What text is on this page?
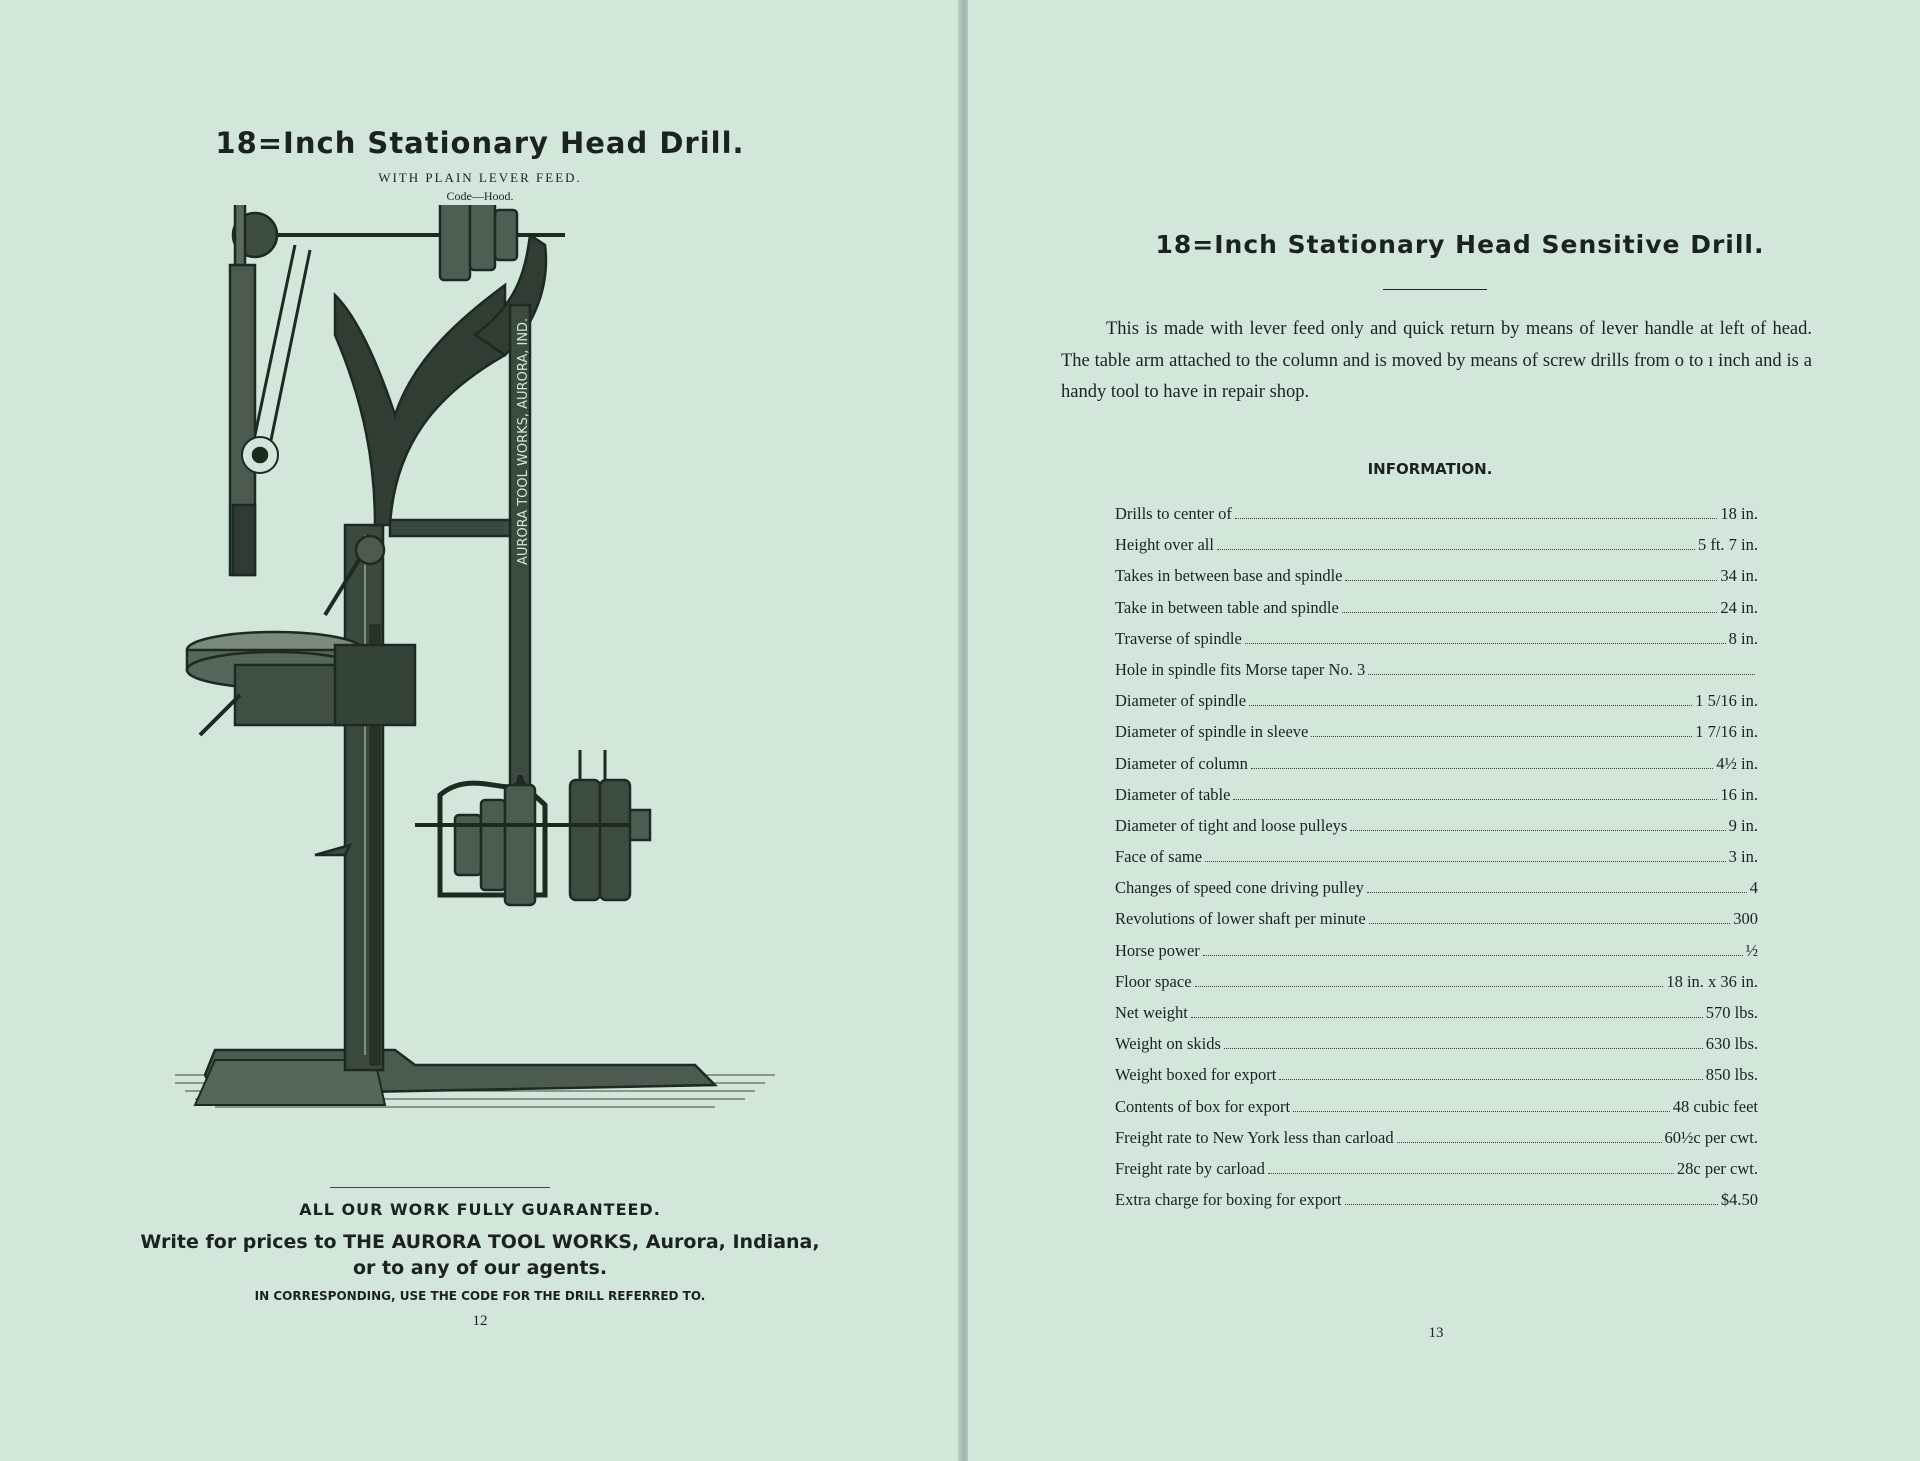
18=Inch Stationary Head Drill.
WITH PLAIN LEVER FEED.
Code—Hood.
AURORA TOOL WORKS, AURORA, IND.
ALL OUR WORK FULLY GUARANTEED.
Write for prices to THE AURORA TOOL WORKS, Aurora, Indiana,
or to any of our agents.
IN CORRESPONDING, USE THE CODE FOR THE DRILL REFERRED TO.
12
18=Inch Stationary Head Sensitive Drill.
This is made with lever feed only and quick return by means of lever handle at left of head. The table arm attached to the column and is moved by means of screw drills from o to ı inch and is a handy tool to have in repair shop.
INFORMATION.
Drills to center of	18 in.
Height over all	5 ft. 7 in.
Takes in between base and spindle	34 in.
Take in between table and spindle	24 in.
Traverse of spindle	8 in.
Hole in spindle fits Morse taper No. 3
Diameter of spindle	1 5/16 in.
Diameter of spindle in sleeve	1 7/16 in.
Diameter of column	4½ in.
Diameter of table	16 in.
Diameter of tight and loose pulleys	9 in.
Face of same	3 in.
Changes of speed cone driving pulley	4
Revolutions of lower shaft per minute	300
Horse power	½
Floor space	18 in. x 36 in.
Net weight	570 lbs.
Weight on skids	630 lbs.
Weight boxed for export	850 lbs.
Contents of box for export	48 cubic feet
Freight rate to New York less than carload	60½c per cwt.
Freight rate by carload	28c per cwt.
Extra charge for boxing for export	$4.50
13
